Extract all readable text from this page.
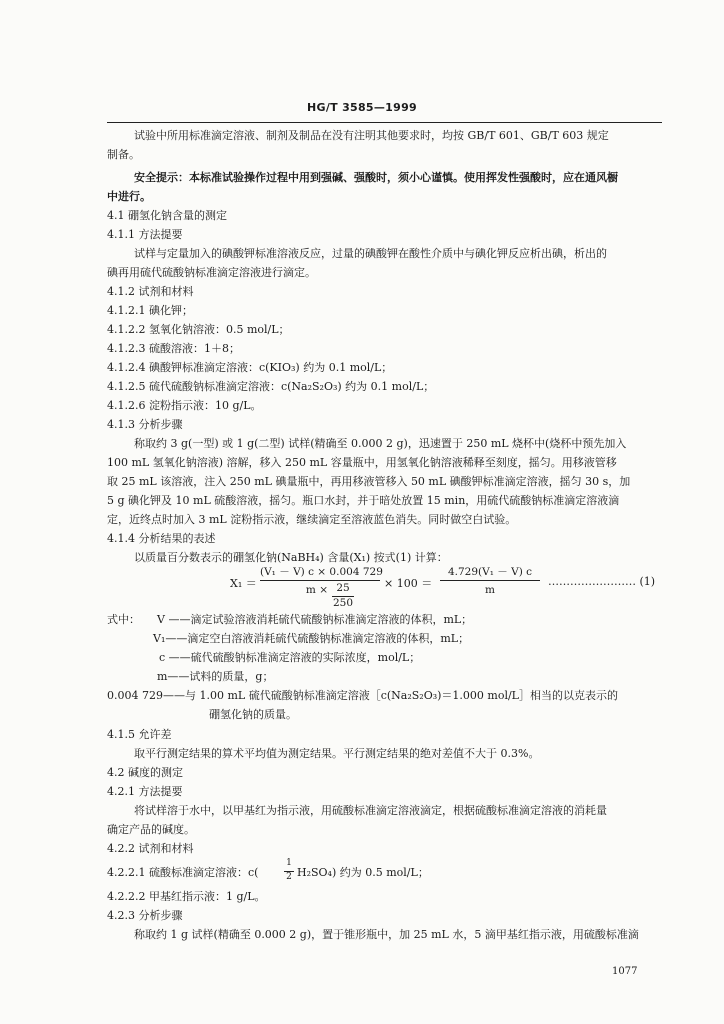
HG/T 3585—1999
试验中所用标准滴定溶液、制剂及制品在没有注明其他要求时，均按 GB/T 601、GB/T 603 规定
制备。
安全提示：本标准试验操作过程中用到强碱、强酸时，须小心谨慎。使用挥发性强酸时，应在通风橱
中进行。
4.1 硼氢化钠含量的测定
4.1.1 方法提要
试样与定量加入的碘酸钾标准溶液反应，过量的碘酸钾在酸性介质中与碘化钾反应析出碘，析出的
碘再用硫代硫酸钠标准滴定溶液进行滴定。
4.1.2 试剂和材料
4.1.2.1 碘化钾；
4.1.2.2 氢氧化钠溶液：0.5 mol/L；
4.1.2.3 硫酸溶液：1＋8；
4.1.2.4 碘酸钾标准滴定溶液：c(KIO₃) 约为 0.1 mol/L；
4.1.2.5 硫代硫酸钠标准滴定溶液：c(Na₂S₂O₃) 约为 0.1 mol/L；
4.1.2.6 淀粉指示液：10 g/L。
4.1.3 分析步骤
称取约 3 g(一型) 或 1 g(二型) 试样(精确至 0.000 2 g)，迅速置于 250 mL 烧杯中(烧杯中预先加入
100 mL 氢氧化钠溶液) 溶解，移入 250 mL 容量瓶中，用氢氧化钠溶液稀释至刻度，摇匀。用移液管移
取 25 mL 该溶液，注入 250 mL 碘量瓶中，再用移液管移入 50 mL 碘酸钾标准滴定溶液，摇匀 30 s，加
5 g 碘化钾及 10 mL 硫酸溶液，摇匀。瓶口水封，并于暗处放置 15 min，用硫代硫酸钠标准滴定溶液滴
定，近终点时加入 3 mL 淀粉指示液，继续滴定至溶液蓝色消失。同时做空白试验。
4.1.4 分析结果的表述
以质量百分数表示的硼氢化钠(NaBH₄) 含量(X₁) 按式(1) 计算：
X₁ ＝
(V₁ － V) c × 0.004 729
m × 25
250
× 100 ＝
4.729(V₁ － V) c
m
…………………… (1)
式中： V ——滴定试验溶液消耗硫代硫酸钠标准滴定溶液的体积，mL；
V₁——滴定空白溶液消耗硫代硫酸钠标准滴定溶液的体积，mL；
c ——硫代硫酸钠标准滴定溶液的实际浓度，mol/L；
m——试料的质量，g；
0.004 729——与 1.00 mL 硫代硫酸钠标准滴定溶液［c(Na₂S₂O₃)＝1.000 mol/L］相当的以克表示的
硼氢化钠的质量。
4.1.5 允许差
取平行测定结果的算术平均值为测定结果。平行测定结果的绝对差值不大于 0.3%。
4.2 碱度的测定
4.2.1 方法提要
将试样溶于水中，以甲基红为指示液，用硫酸标准滴定溶液滴定，根据硫酸标准滴定溶液的消耗量
确定产品的碱度。
4.2.2 试剂和材料
4.2.2.1 硫酸标准滴定溶液：c(
1
2 H₂SO₄) 约为 0.5 mol/L；
4.2.2.2 甲基红指示液：1 g/L。
4.2.3 分析步骤
称取约 1 g 试样(精确至 0.000 2 g)，置于锥形瓶中，加 25 mL 水，5 滴甲基红指示液，用硫酸标准滴
1077
